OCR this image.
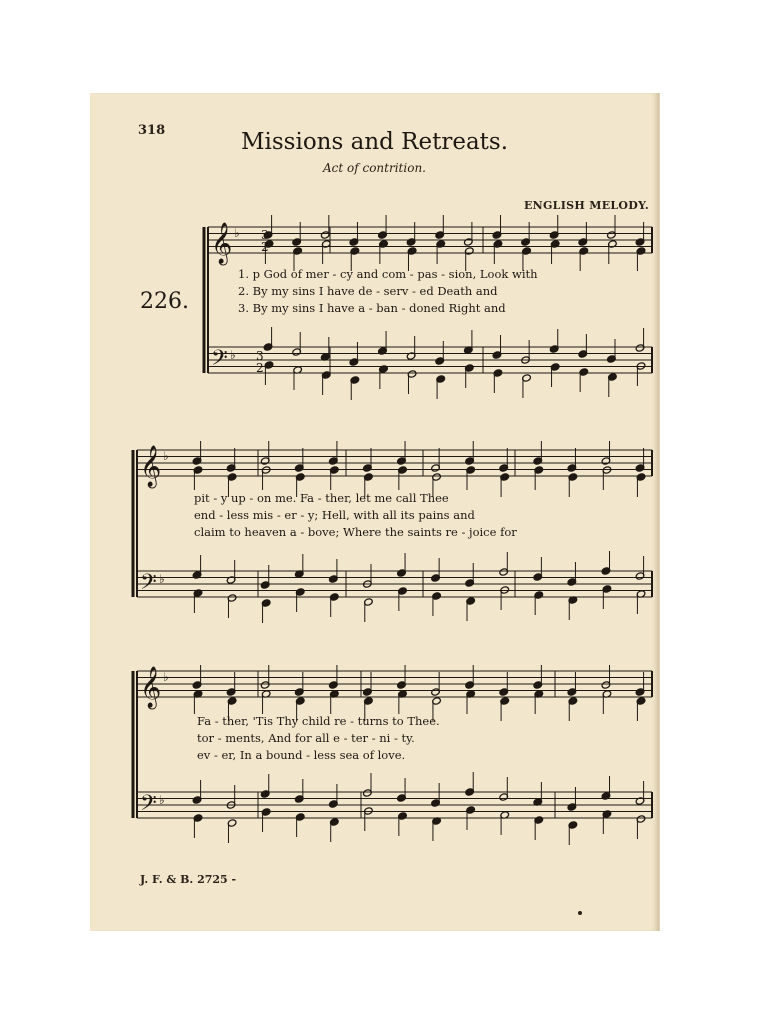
318	Missions and Retreats.
Act of contrition.
ENGLISH MELODY.
226.
𝄞
𝄢
♭
♭
𝄞
𝄢
♭
♭
𝄞
𝄢
♭
♭
3
2
3
2
1. p God of mer - cy and com - pas - sion, Look with
2. By my sins I have de - serv - ed Death and
3. By my sins I have a - ban - doned Right and
pit - y up - on me. Fa - ther, let me call Thee
end - less mis - er - y; Hell, with all its pains and
claim to heaven a - bove; Where the saints re - joice for
Fa - ther, 'Tis Thy child re - turns to Thee.
tor - ments, And for all e - ter - ni - ty.
ev - er, In a bound - less sea of love.
J. F. & B. 2725 -
